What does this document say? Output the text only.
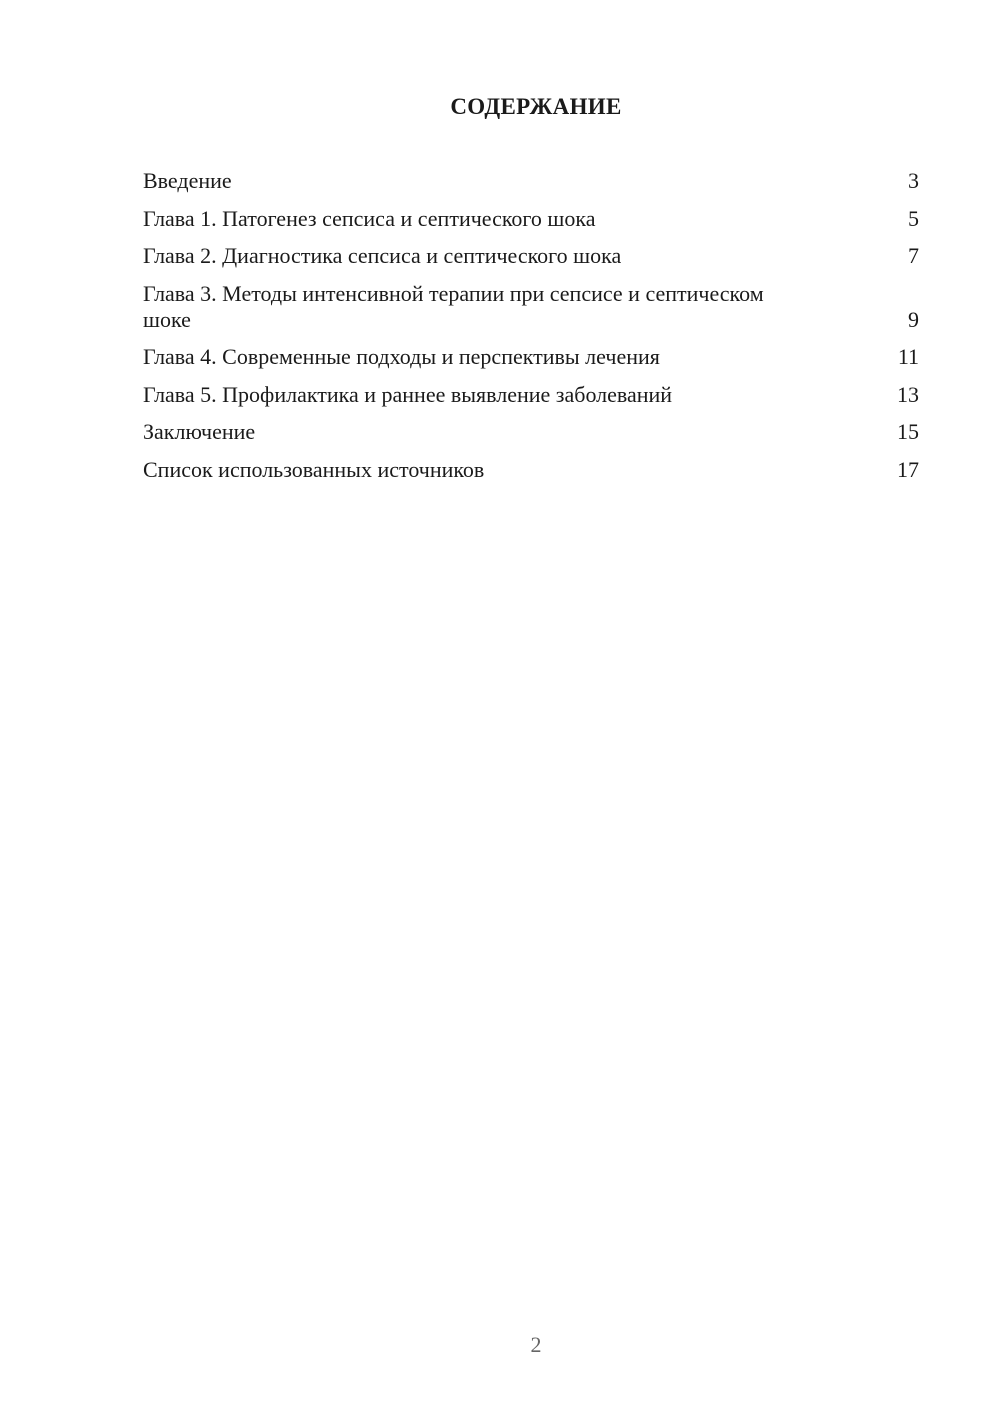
СОДЕРЖАНИЕ
Введение	3
Глава 1. Патогенез сепсиса и септического шока	5
Глава 2. Диагностика сепсиса и септического шока	7
Глава 3. Методы интенсивной терапии при сепсисе и септическом шоке	9
Глава 4. Современные подходы и перспективы лечения	11
Глава 5. Профилактика и раннее выявление заболеваний	13
Заключение	15
Список использованных источников	17
2
